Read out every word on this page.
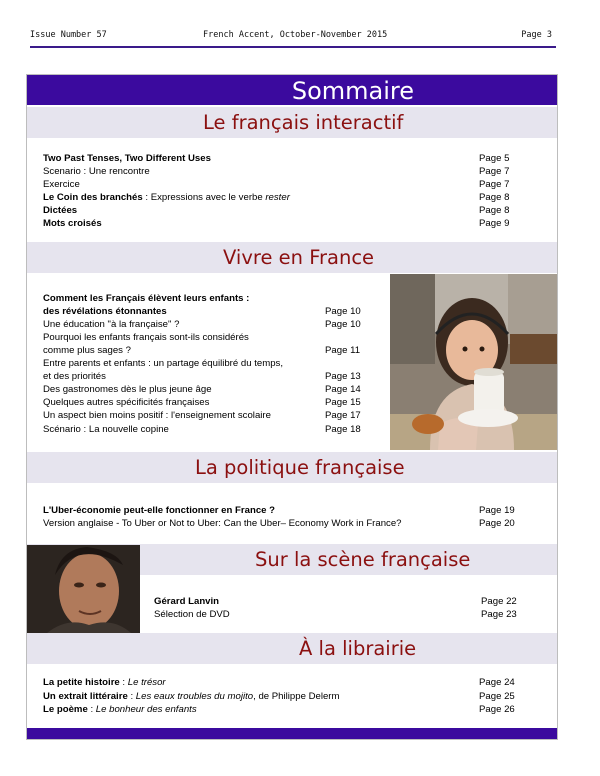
Issue Number 57	French Accent, October-November 2015	Page 3
Sommaire
Le français interactif
Two Past Tenses, Two Different Uses	Page 5
Scenario : Une rencontre	Page 7
Exercice	Page 7
Le Coin des branchés : Expressions avec le verbe rester	Page 8
Dictées	Page 8
Mots croisés	Page 9
Vivre en France
Comment les Français élèvent leurs enfants :
des révélations étonnantes	Page 10
Une éducation "à la française" ?	Page 10
Pourquoi les enfants français sont-ils considérés
comme plus sages ?	Page 11
Entre parents et enfants : un partage équilibré du temps,
et des priorités	Page 13
Des gastronomes dès le plus jeune âge	Page 14
Quelques autres spécificités françaises	Page 15
Un aspect bien moins positif : l'enseignement scolaire	Page 17
Scénario : La nouvelle copine	Page 18
La politique française
L'Uber-économie peut-elle fonctionner en France ?	Page 19
Version anglaise - To Uber or Not to Uber: Can the Uber– Economy Work in France?	Page 20
Sur la scène française
Gérard Lanvin	Page 22
Sélection de DVD	Page 23
À la librairie
La petite histoire : Le trésor	Page 24
Un extrait littéraire : Les eaux troubles du mojito, de Philippe Delerm	Page 25
Le poème : Le bonheur des enfants	Page 26
